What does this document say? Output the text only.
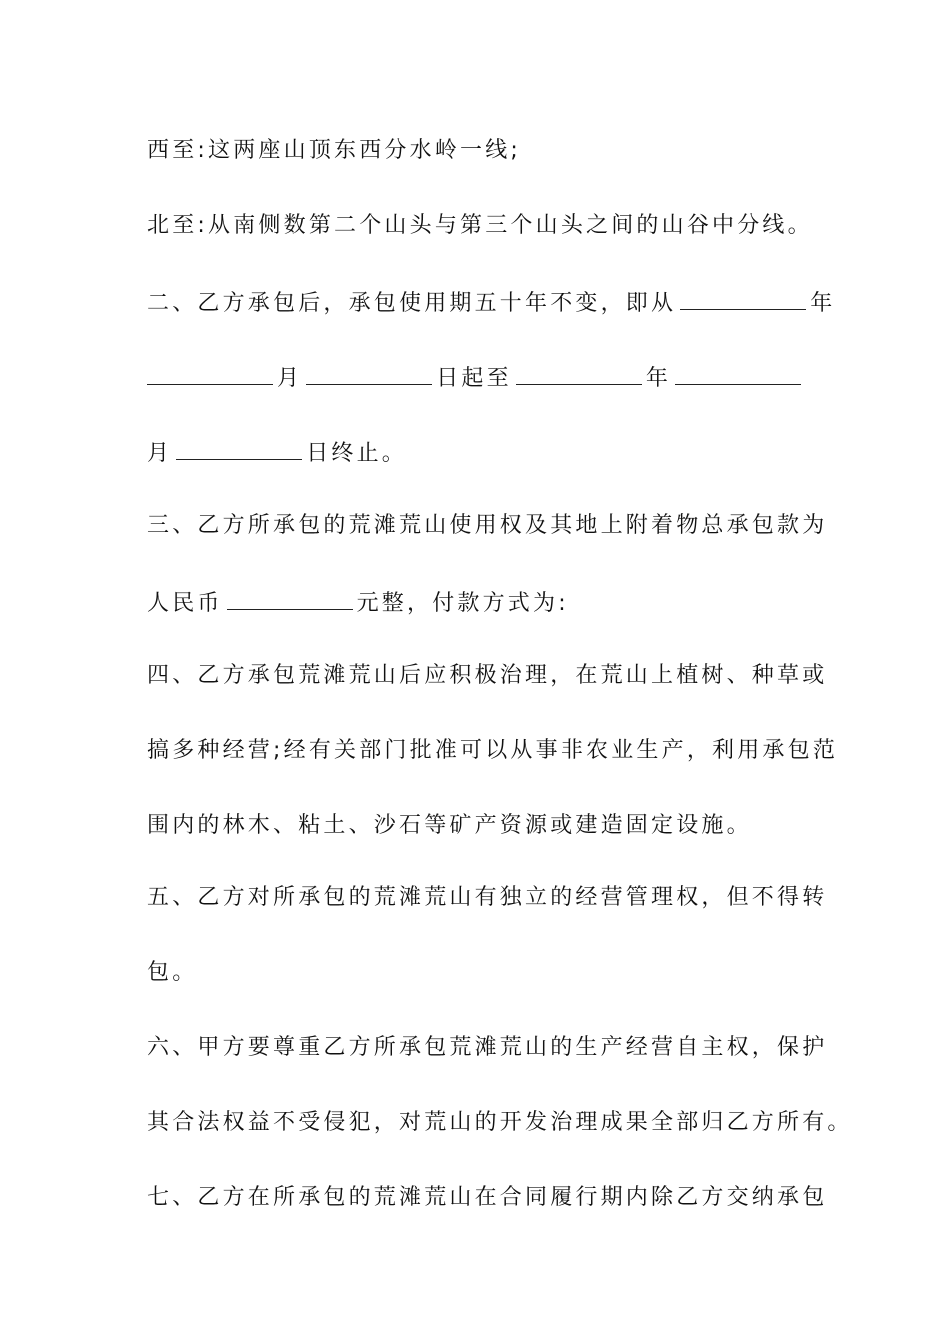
西至:这两座山顶东西分水岭一线;
北至:从南侧数第二个山头与第三个山头之间的山谷中分线。
二、乙方承包后，承包使用期五十年不变，即从	年
月	日起至	年
月	日终止。
三、乙方所承包的荒滩荒山使用权及其地上附着物总承包款为
人民币	元整，付款方式为:
四、乙方承包荒滩荒山后应积极治理，在荒山上植树、种草或
搞多种经营;经有关部门批准可以从事非农业生产，利用承包范
围内的林木、粘土、沙石等矿产资源或建造固定设施。
五、乙方对所承包的荒滩荒山有独立的经营管理权，但不得转
包。
六、甲方要尊重乙方所承包荒滩荒山的生产经营自主权，保护
其合法权益不受侵犯，对荒山的开发治理成果全部归乙方所有。
七、乙方在所承包的荒滩荒山在合同履行期内除乙方交纳承包
